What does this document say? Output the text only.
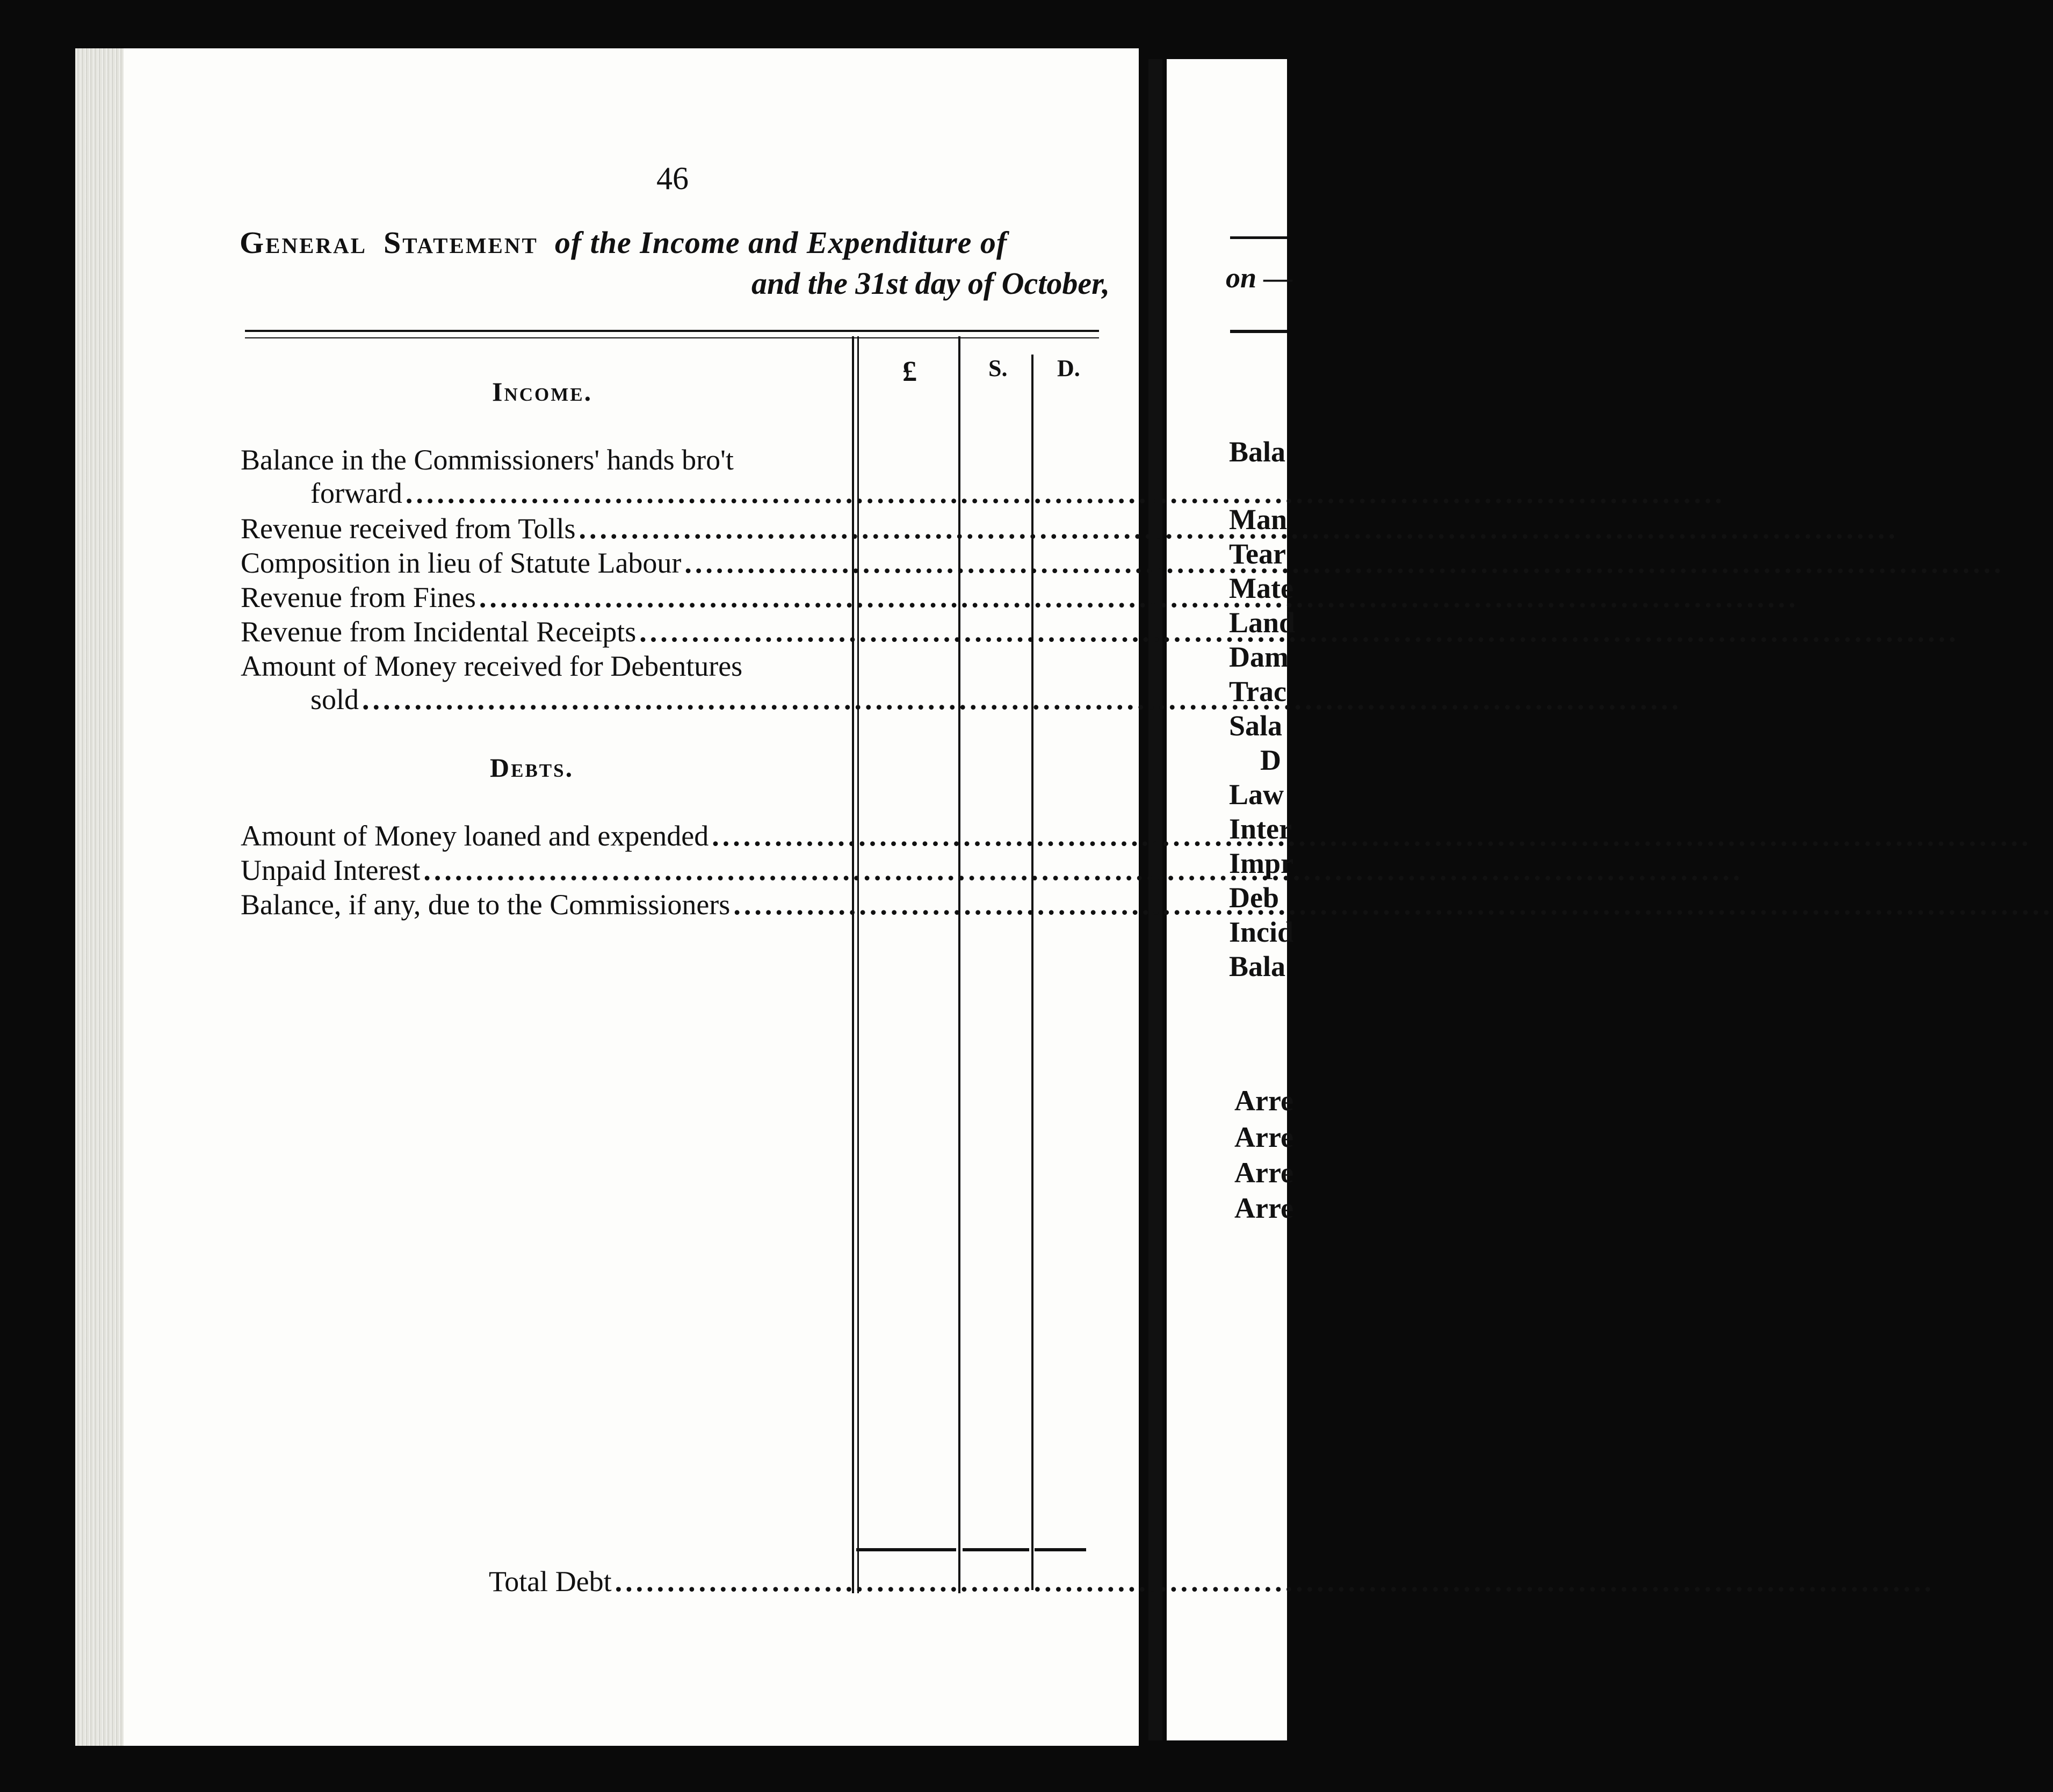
46
General Statement of the Income and Expenditure of
and the 31st day of October,
£	S. D.
Income.
Balance in the Commissioners' hands bro't
forward
.....
Revenue received from Tolls
.....
Composition in lieu of Statute Labour
.....
Revenue from Fines
.....
Revenue from Incidental Receipts
.....
Amount of Money received for Debentures
sold
.....
Debts.
Amount of Money loaned and expended
.....
Unpaid Interest
.....
Balance, if any, due to the Commissioners
.....
Total Debt
.....
on —
Bala
Man
Tear
Mate
Land
Dam
Trac
Sala
D
Law
Inter
Impr
Deb
Incid
Bala
Arre
Arre
Arre
Arre
